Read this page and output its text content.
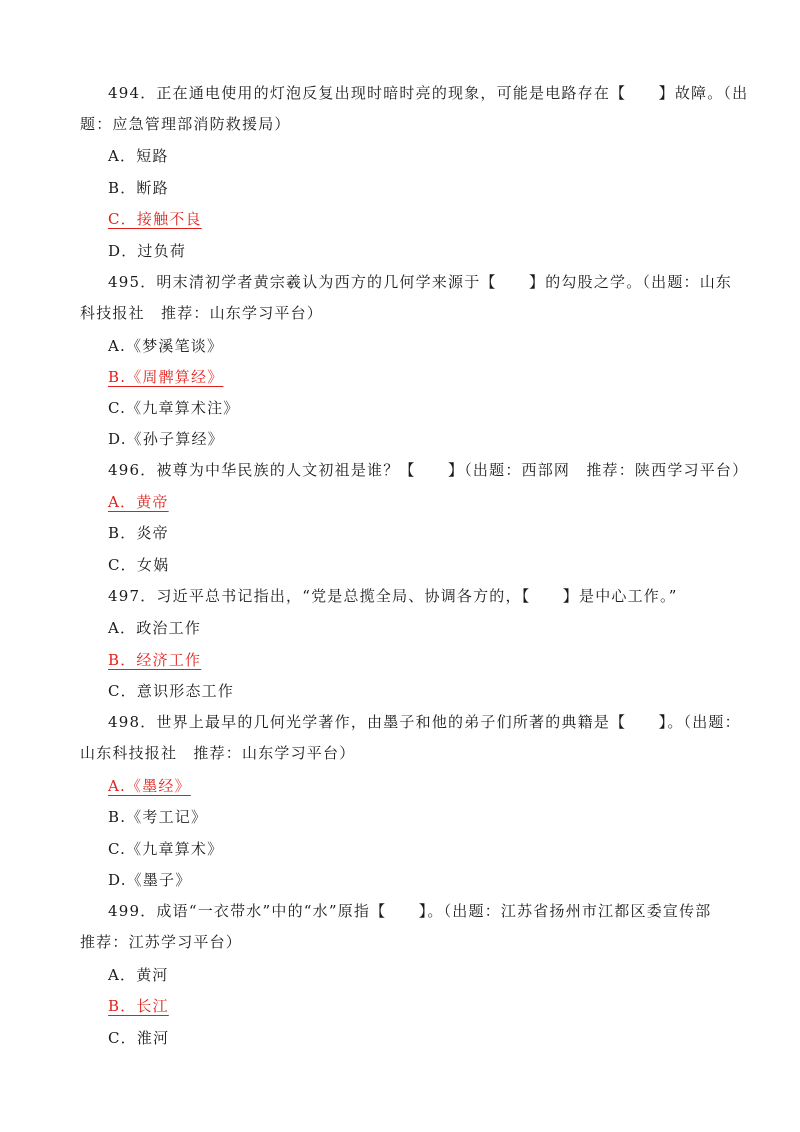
494．正在通电使用的灯泡反复出现时暗时亮的现象，可能是电路存在【　　】故障。（出
题：应急管理部消防救援局）
A．短路
B．断路
C．接触不良
D．过负荷
495．明末清初学者黄宗羲认为西方的几何学来源于【　　】的勾股之学。（出题：山东
科技报社　推荐：山东学习平台）
A.《梦溪笔谈》
B.《周髀算经》
C.《九章算术注》
D.《孙子算经》
496．被尊为中华民族的人文初祖是谁？【　　】（出题：西部网　推荐：陕西学习平台）
A．黄帝
B．炎帝
C．女娲
497．习近平总书记指出，“党是总揽全局、协调各方的，【　　】是中心工作。”
A．政治工作
B．经济工作
C．意识形态工作
498．世界上最早的几何光学著作，由墨子和他的弟子们所著的典籍是【　　】。（出题：
山东科技报社　推荐：山东学习平台）
A.《墨经》
B.《考工记》
C.《九章算术》
D.《墨子》
499．成语“一衣带水”中的“水”原指【　　】。（出题：江苏省扬州市江都区委宣传部
推荐：江苏学习平台）
A．黄河
B．长江
C．淮河
